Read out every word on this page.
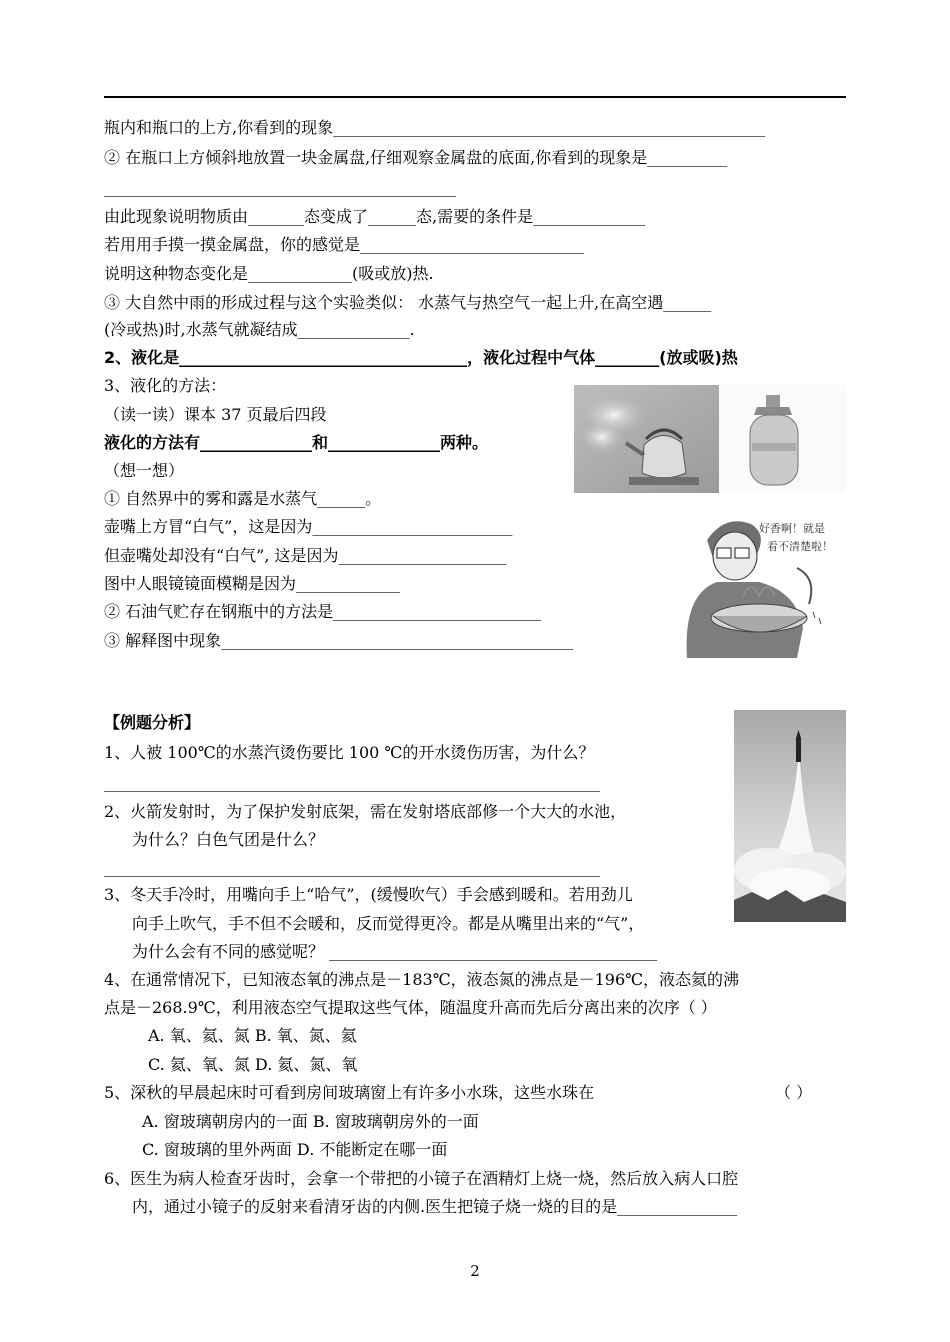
瓶内和瓶口的上方,你看到的现象______________________________________________________
② 在瓶口上方倾斜地放置一块金属盘,仔细观察金属盘的底面,你看到的现象是__________
____________________________________________
由此现象说明物质由_______态变成了______态,需要的条件是______________
若用用手摸一摸金属盘，你的感觉是____________________________
说明这种物态变化是_____________(吸或放)热.
③ 大自然中雨的形成过程与这个实验类似： 水蒸气与热空气一起上升,在高空遇______
(冷或热)时,水蒸气就凝结成______________.
2、液化是____________________________________，液化过程中气体________(放或吸)热
3、液化的方法：
（读一读）课本 37 页最后四段
液化的方法有______________和______________两种。
（想一想）
① 自然界中的雾和露是水蒸气______。
壶嘴上方冒“白气”，这是因为_________________________
但壶嘴处却没有“白气”, 这是因为_____________________
图中人眼镜镜面模糊是因为_____________
② 石油气贮存在钢瓶中的方法是__________________________
③ 解释图中现象____________________________________________
【例题分析】
1、人被 100℃的水蒸汽烫伤要比 100 ℃的开水烫伤历害，为什么？
______________________________________________________________
2、火箭发射时，为了保护发射底架，需在发射塔底部修一个大大的水池，
为什么？白色气团是什么？
______________________________________________________________
3、冬天手冷时，用嘴向手上“哈气”，(缓慢吹气）手会感到暖和。若用劲儿
向手上吹气，手不但不会暖和，反而觉得更冷。都是从嘴里出来的“气”，
为什么会有不同的感觉呢？ _________________________________________
4、在通常情况下，已知液态氧的沸点是－183℃，液态氮的沸点是－196℃，液态氦的沸
点是－268.9℃，利用液态空气提取这些气体，随温度升高而先后分离出来的次序（ ）
A. 氧、氦、氮 B. 氧、氮、氦
C. 氦、氧、氮 D. 氦、氮、氧
5、深秋的早晨起床时可看到房间玻璃窗上有许多小水珠，这些水珠在	（ ）
A. 窗玻璃朝房内的一面 B. 窗玻璃朝房外的一面
C. 窗玻璃的里外两面 D. 不能断定在哪一面
6、医生为病人检查牙齿时，会拿一个带把的小镜子在酒精灯上烧一烧，然后放入病人口腔
内，通过小镜子的反射来看清牙齿的内侧.医生把镜子烧一烧的目的是_______________
好香啊！就是
看不清楚啦！
2
